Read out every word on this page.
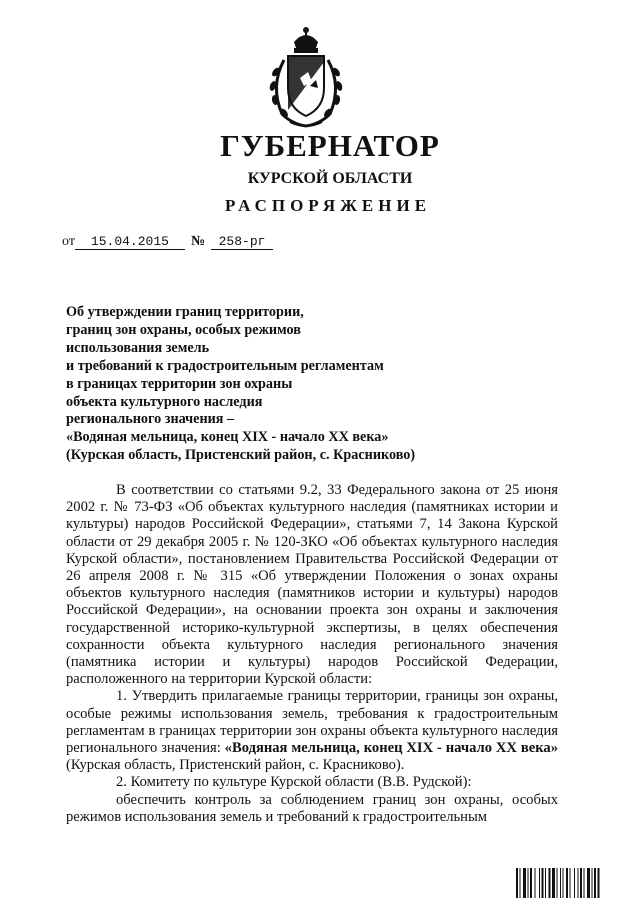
ГУБЕРНАТОР
КУРСКОЙ ОБЛАСТИ
РАСПОРЯЖЕНИЕ
от 15.04.2015 № 258-рг
Об утверждении границ территории,
границ зон охраны, особых режимов
использования земель
и требований к градостроительным регламентам
в границах территории зон охраны
объекта культурного наследия
регионального значения –
«Водяная мельница, конец XIX - начало XX века»
(Курская область, Пристенский район, с. Красниково)

В соответствии со статьями 9.2, 33 Федерального закона от 25 июня 2002 г. № 73-ФЗ «Об объектах культурного наследия (памятниках истории и культуры) народов Российской Федерации», статьями 7, 14 Закона Курской области от 29 декабря 2005 г. № 120-ЗКО «Об объектах культурного наследия Курской области», постановлением Правительства Российской Федерации от 26 апреля 2008 г. № 315 «Об утверждении Положения о зонах охраны объектов культурного наследия (памятников истории и культуры) народов Российской Федерации», на основании проекта зон охраны и заключения государственной историко-культурной экспертизы, в целях обеспечения сохранности объекта культурного наследия регионального значения (памятника истории и культуры) народов Российской Федерации, расположенного на территории Курской области:

1. Утвердить прилагаемые границы территории, границы зон охраны, особые режимы использования земель, требования к градостроительным регламентам в границах территории зон охраны объекта культурного наследия регионального значения: «Водяная мельница, конец XIX - начало XX века» (Курская область, Пристенский район, с. Красниково).

2. Комитету по культуре Курской области (В.В. Рудской):

обеспечить контроль за соблюдением границ зон охраны, особых режимов использования земель и требований к градостроительным
